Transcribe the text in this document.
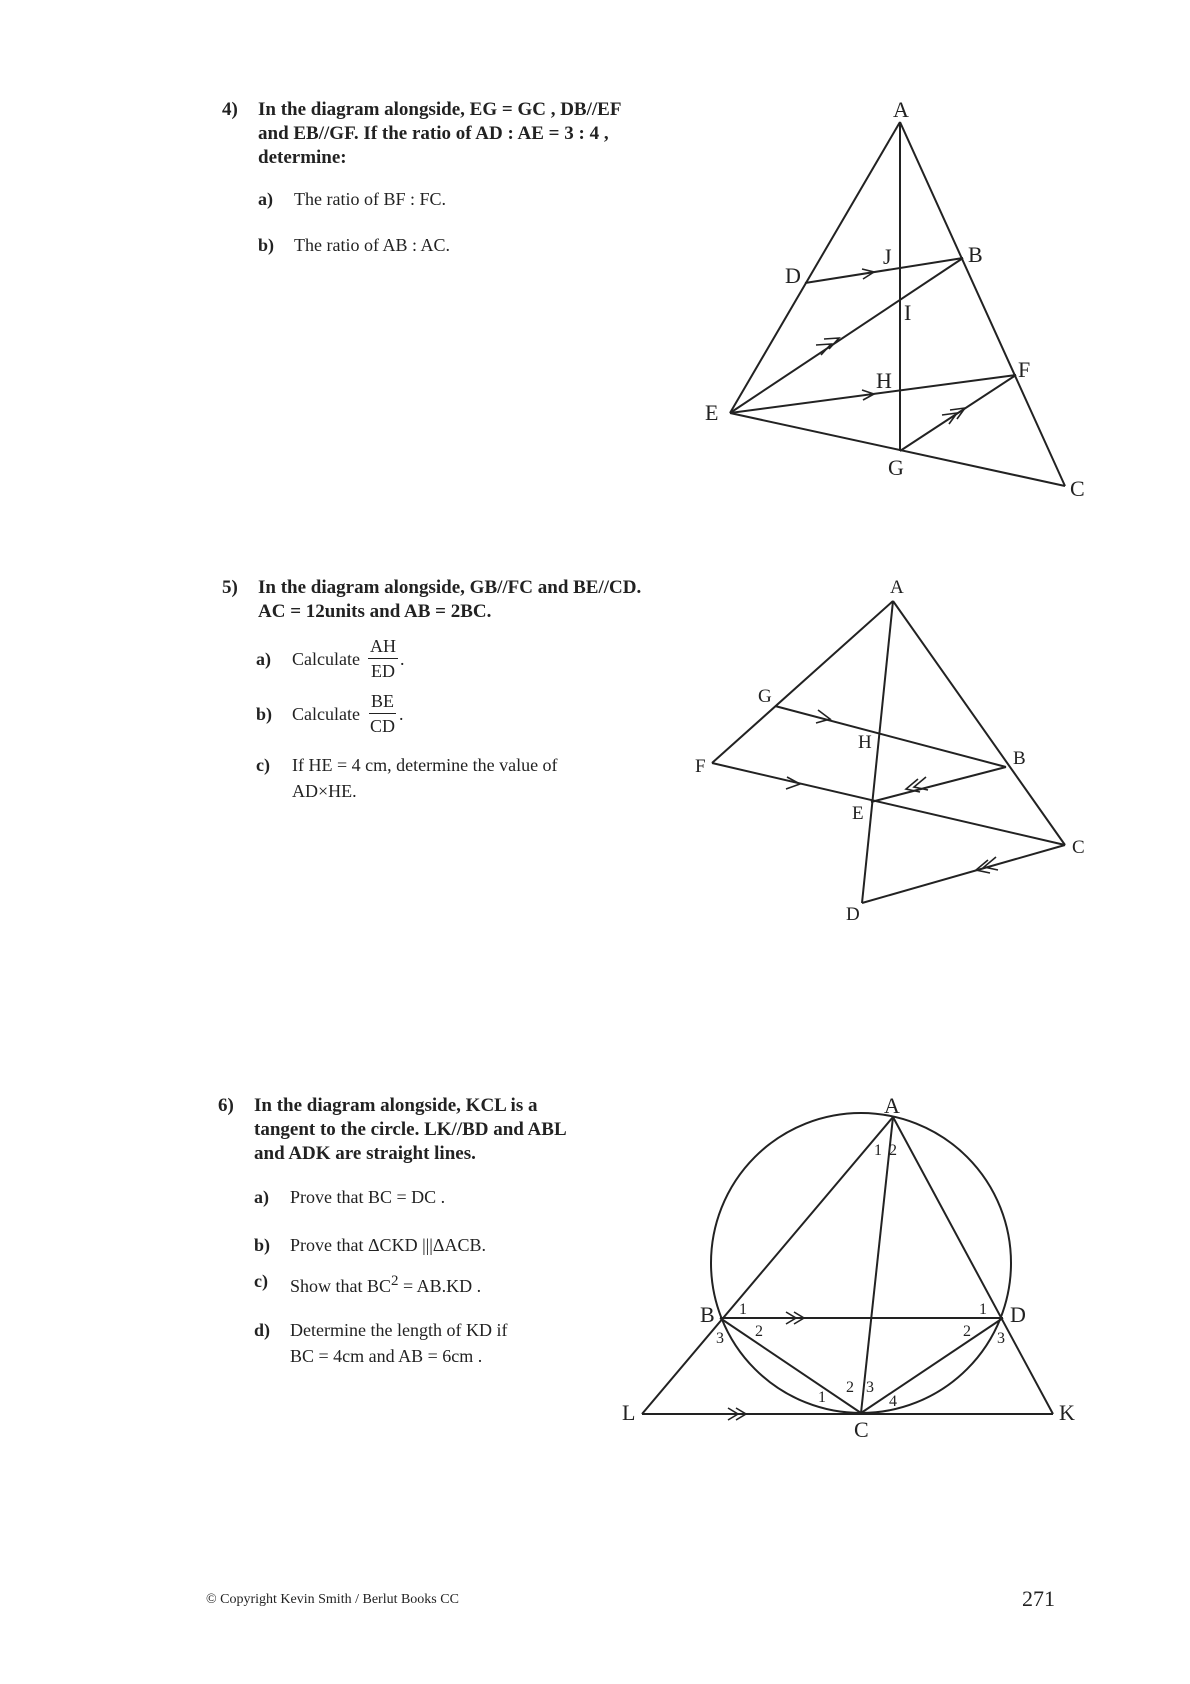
4)	In the diagram alongside, EG = GC , DB//EF
and EB//GF. If the ratio of AD : AE = 3 : 4 ,
determine:
a)	The ratio of BF : FC.
b)	The ratio of AB : AC.
A
J	B
D
I
H	F
E
G
C
5)	In the diagram alongside, GB//FC and BE//CD.
AC = 12units and AB = 2BC.
a)	Calculate $\frac{AH}{ED}$ .
b)	Calculate $\frac{BE}{CD}$ .
c)	If HE = 4 cm, determine the value of
AD×HE.
A
G
H
B
F
E
C
D
6)	In the diagram alongside, KCL is a
tangent to the circle. LK//BD and ABL
and ADK are straight lines.
a)	Prove that BC = DC .
b)	Prove that ΔCKD |||ΔACB.
c)	Show that $BC^2 = AB.KD$ .
d)	Determine the length of KD if
BC = 4cm and AB = 6cm .
A
B	D
L
C
K
1 2
1
2
3
1
2 3
1
2 3
4
© Copyright Kevin Smith / Berlut Books CC	271
